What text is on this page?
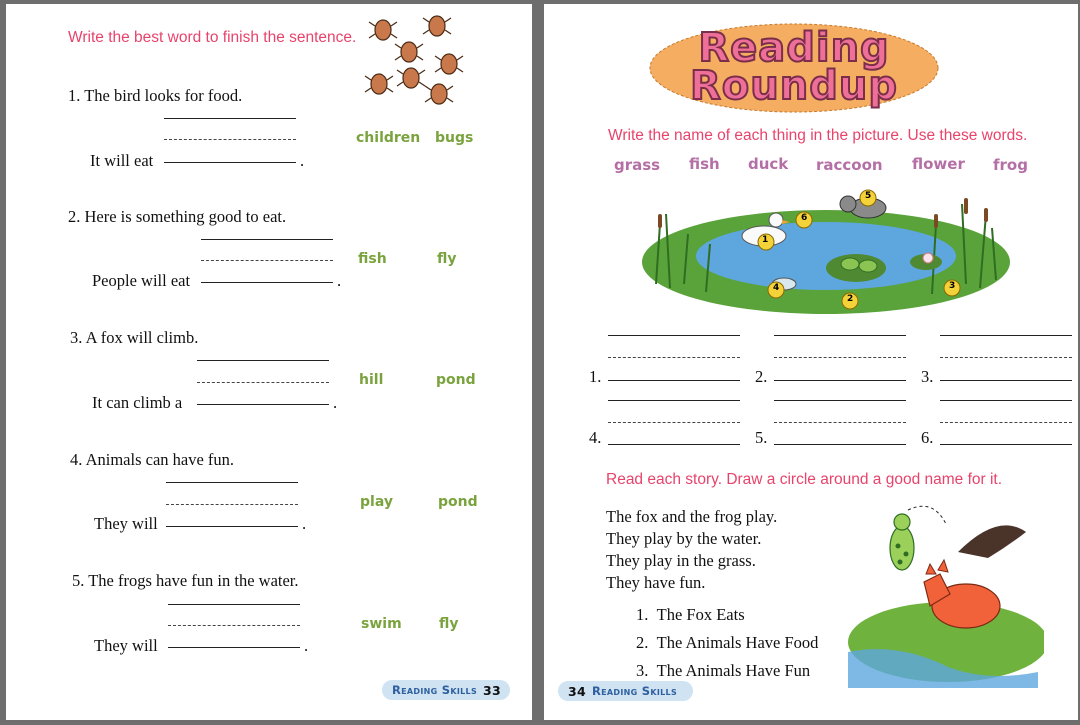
Write the best word to finish the sentence.
1. The bird looks for food.
It will eat	.
children bugs
2. Here is something good to eat.
People will eat	.
fish	fly
3. A fox will climb.
It can climb a	.
hill	pond
4. Animals can have fun.
They will	.
play	pond
5. The frogs have fun in the water.
They will	.
swim	fly
Reading Skills 33
Reading
Roundup
Write the name of each thing in the picture. Use these words.
grass fish duck raccoon flower frog
1
2
3
4
5
6
1.	2.	3.
4.	5.	6.
Read each story. Draw a circle around a good name for it.
The fox and the frog play.
They play by the water.
They play in the grass.
They have fun.
1. The Fox Eats
2. The Animals Have Food
3. The Animals Have Fun
34 Reading Skills
